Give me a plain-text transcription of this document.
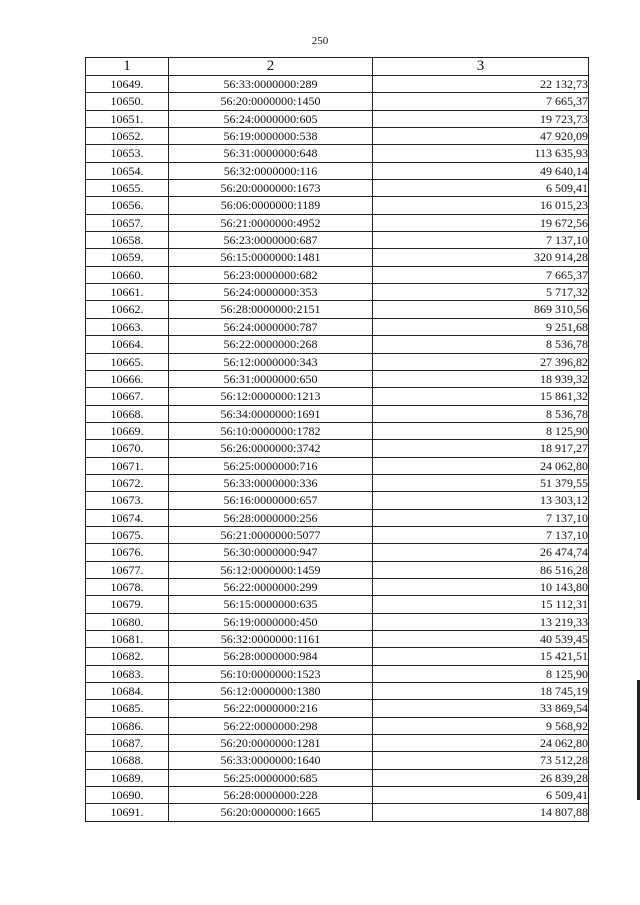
250
1	2	3
10649.	56:33:0000000:289	22 132,73
10650.	56:20:0000000:1450	7 665,37
10651.	56:24:0000000:605	19 723,73
10652.	56:19:0000000:538	47 920,09
10653.	56:31:0000000:648	113 635,93
10654.	56:32:0000000:116	49 640,14
10655.	56:20:0000000:1673	6 509,41
10656.	56:06:0000000:1189	16 015,23
10657.	56:21:0000000:4952	19 672,56
10658.	56:23:0000000:687	7 137,10
10659.	56:15:0000000:1481	320 914,28
10660.	56:23:0000000:682	7 665,37
10661.	56:24:0000000:353	5 717,32
10662.	56:28:0000000:2151	869 310,56
10663.	56:24:0000000:787	9 251,68
10664.	56:22:0000000:268	8 536,78
10665.	56:12:0000000:343	27 396,82
10666.	56:31:0000000:650	18 939,32
10667.	56:12:0000000:1213	15 861,32
10668.	56:34:0000000:1691	8 536,78
10669.	56:10:0000000:1782	8 125,90
10670.	56:26:0000000:3742	18 917,27
10671.	56:25:0000000:716	24 062,80
10672.	56:33:0000000:336	51 379,55
10673.	56:16:0000000:657	13 303,12
10674.	56:28:0000000:256	7 137,10
10675.	56:21:0000000:5077	7 137,10
10676.	56:30:0000000:947	26 474,74
10677.	56:12:0000000:1459	86 516,28
10678.	56:22:0000000:299	10 143,80
10679.	56:15:0000000:635	15 112,31
10680.	56:19:0000000:450	13 219,33
10681.	56:32:0000000:1161	40 539,45
10682.	56:28:0000000:984	15 421,51
10683.	56:10:0000000:1523	8 125,90
10684.	56:12:0000000:1380	18 745,19
10685.	56:22:0000000:216	33 869,54
10686.	56:22:0000000:298	9 568,92
10687.	56:20:0000000:1281	24 062,80
10688.	56:33:0000000:1640	73 512,28
10689.	56:25:0000000:685	26 839,28
10690.	56:28:0000000:228	6 509,41
10691.	56:20:0000000:1665	14 807,88
